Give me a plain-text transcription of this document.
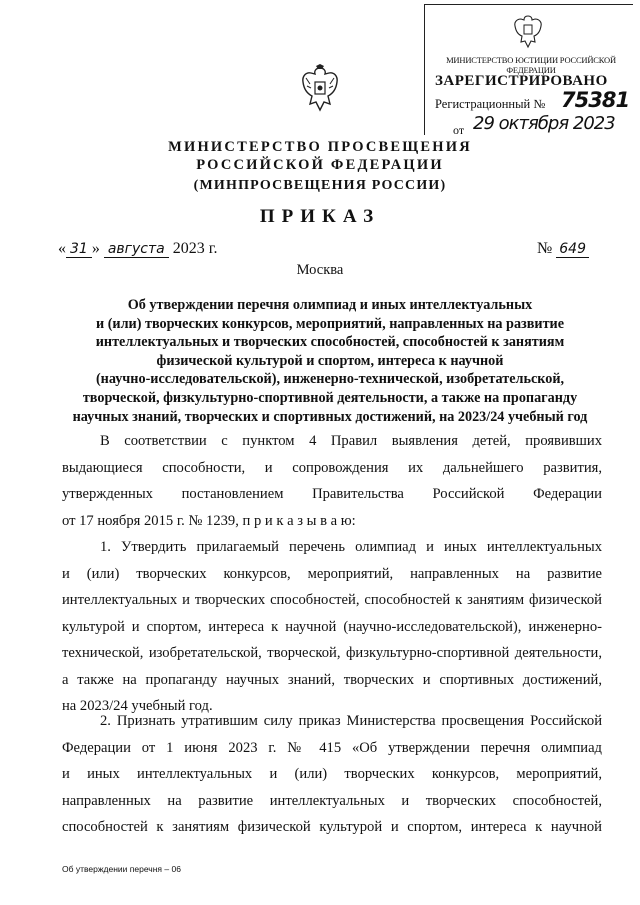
МИНИСТЕРСТВО ЮСТИЦИИ РОССИЙСКОЙ ФЕДЕРАЦИИ
ЗАРЕГИСТРИРОВАНО
Регистрационный № 75381
от 29 октября 2023
МИНИСТЕРСТВО ПРОСВЕЩЕНИЯ
РОССИЙСКОЙ ФЕДЕРАЦИИ
(МИНПРОСВЕЩЕНИЯ РОССИИ)
ПРИКАЗ
« 31 » августа 2023 г.	№ 649
Москва
Об утверждении перечня олимпиад и иных интеллектуальных
и (или) творческих конкурсов, мероприятий, направленных на развитие
интеллектуальных и творческих способностей, способностей к занятиям
физической культурой и спортом, интереса к научной
(научно-исследовательской), инженерно-технической, изобретательской,
творческой, физкультурно-спортивной деятельности, а также на пропаганду
научных знаний, творческих и спортивных достижений, на 2023/24 учебный год
В соответствии с пунктом 4 Правил выявления детей, проявивших
выдающиеся способности, и сопровождения их дальнейшего развития,
утвержденных постановлением Правительства Российской Федерации
от 17 ноября 2015 г. № 1239, п р и к а з ы в а ю:
1. Утвердить прилагаемый перечень олимпиад и иных интеллектуальных
и (или) творческих конкурсов, мероприятий, направленных на развитие
интеллектуальных и творческих способностей, способностей к занятиям физической
культурой и спортом, интереса к научной (научно-исследовательской), инженерно-
технической, изобретательской, творческой, физкультурно-спортивной деятельности,
а также на пропаганду научных знаний, творческих и спортивных достижений,
на 2023/24 учебный год.
2. Признать утратившим силу приказ Министерства просвещения Российской
Федерации от 1 июня 2023 г. № 415 «Об утверждении перечня олимпиад
и иных интеллектуальных и (или) творческих конкурсов, мероприятий,
направленных на развитие интеллектуальных и творческих способностей,
способностей к занятиям физической культурой и спортом, интереса к научной
Об утверждении перечня – 06
